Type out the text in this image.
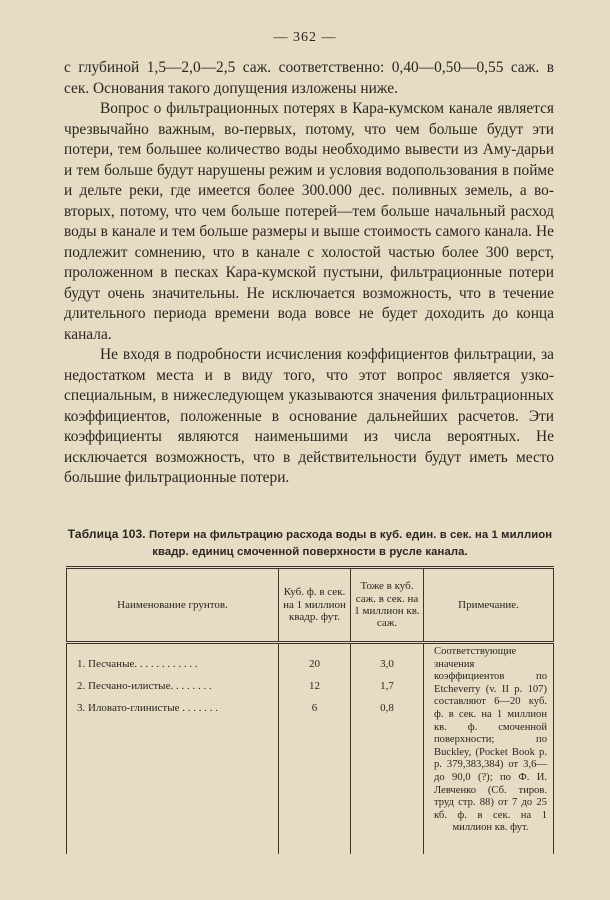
— 362 —

с глубиной 1,5—2,0—2,5 саж. соответственно: 0,40—0,50—0,55 саж. в сек. Основания такого допущения изложены ниже.

Вопрос о фильтрационных потерях в Кара-кумском канале является чрезвычайно важным, во-первых, потому, что чем больше будут эти потери, тем большее количество воды необходимо вывести из Аму-дарьи и тем больше будут нарушены режим и условия водопользования в пойме и дельте реки, где имеется более 300.000 дес. поливных земель, а во-вторых, потому, что чем больше потерей—тем больше начальный расход воды в канале и тем больше размеры и выше стоимость самого канала. Не подлежит сомнению, что в канале с холостой частью более 300 верст, проложенном в песках Кара-кумской пустыни, фильтрационные потери будут очень значительны. Не исключается возможность, что в течение длительного периода времени вода вовсе не будет доходить до конца канала.

Не входя в подробности исчисления коэффициентов фильтрации, за недостатком места и в виду того, что этот вопрос является узко-специальным, в нижеследующем указываются значения фильтрационных коэффициентов, положенные в основание дальнейших расчетов. Эти коэффициенты являются наименьшими из числа вероятных. Не исключается возможность, что в действительности будут иметь место большие фильтрационные потери.

Таблица 103. Потери на фильтрацию расхода воды в куб. един. в сек. на 1 миллион квадр. единиц смоченной поверхности в русле канала.
Наименование грунтов.	Куб. ф. в сек. на 1 миллион квадр. фут.	Тоже в куб. саж. в сек. на 1 миллион кв. саж.	Примечание.
			Соответствующие значения коэффициентов по Etcheverry (v. II p. 107) составляют 6—20 куб. ф. в сек. на 1 миллион кв. ф. смоченной поверхности; по Buckley, (Pocket Book p. p. 379,383,384) от 3,6—до 90,0 (?); по Ф. И. Левченко (Сб. тиров. труд стр. 88) от 7 до 25 кб. ф. в сек. на 1 миллион кв. фут.
1. Песчаные. . . . . . . . . . . .	20	3,0	
2. Песчано-илистые. . . . . . . .	12	1,7	
3. Иловато-глинистые . . . . . . .	6	0,8	
